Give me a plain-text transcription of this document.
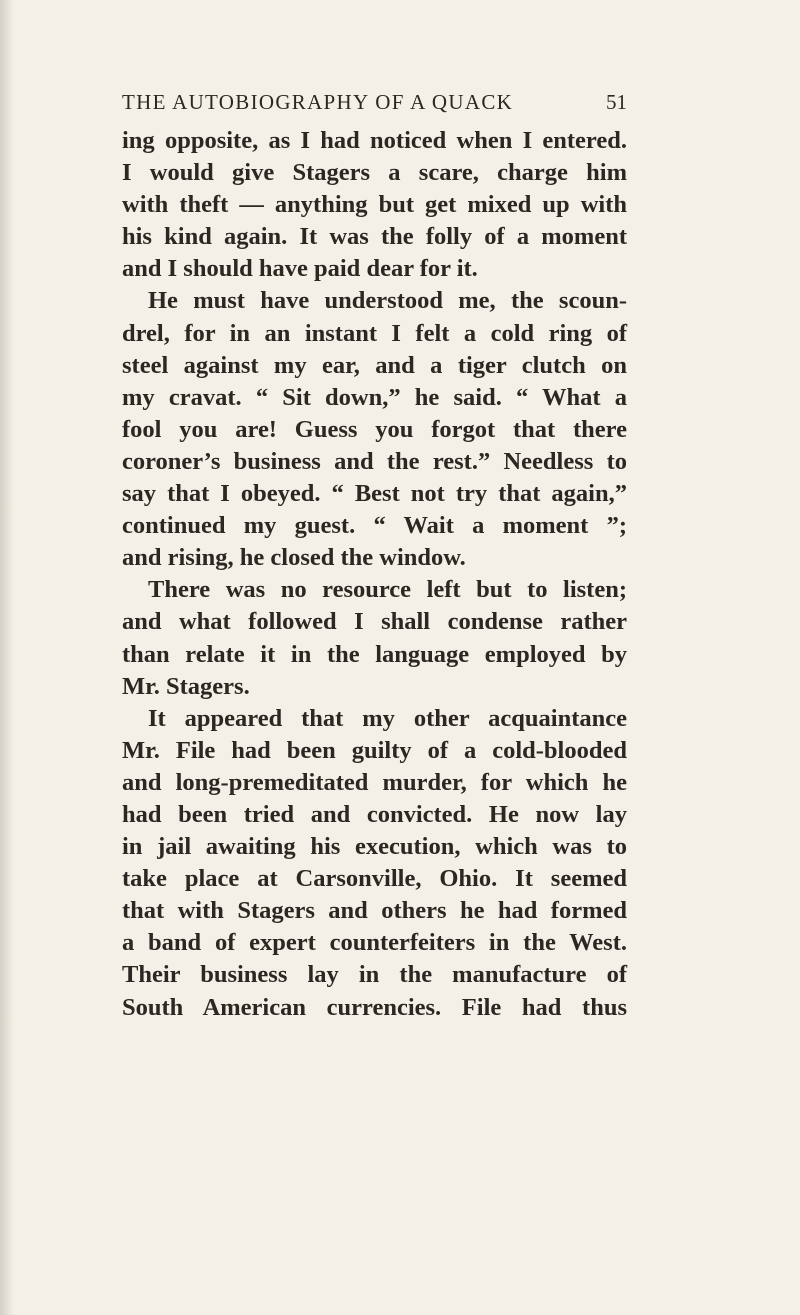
THE AUTOBIOGRAPHY OF A QUACK	51
ing opposite, as I had noticed when I entered.
I would give Stagers a scare, charge him
with theft — anything but get mixed up with
his kind again. It was the folly of a moment
and I should have paid dear for it.
He must have understood me, the scoun-
drel, for in an instant I felt a cold ring of
steel against my ear, and a tiger clutch on
my cravat. “ Sit down,” he said. “ What a
fool you are! Guess you forgot that there
coroner’s business and the rest.” Needless to
say that I obeyed. “ Best not try that again,”
continued my guest. “ Wait a moment ”;
and rising, he closed the window.
There was no resource left but to listen;
and what followed I shall condense rather
than relate it in the language employed by
Mr. Stagers.
It appeared that my other acquaintance
Mr. File had been guilty of a cold-blooded
and long-premeditated murder, for which he
had been tried and convicted. He now lay
in jail awaiting his execution, which was to
take place at Carsonville, Ohio. It seemed
that with Stagers and others he had formed
a band of expert counterfeiters in the West.
Their business lay in the manufacture of
South American currencies. File had thus
